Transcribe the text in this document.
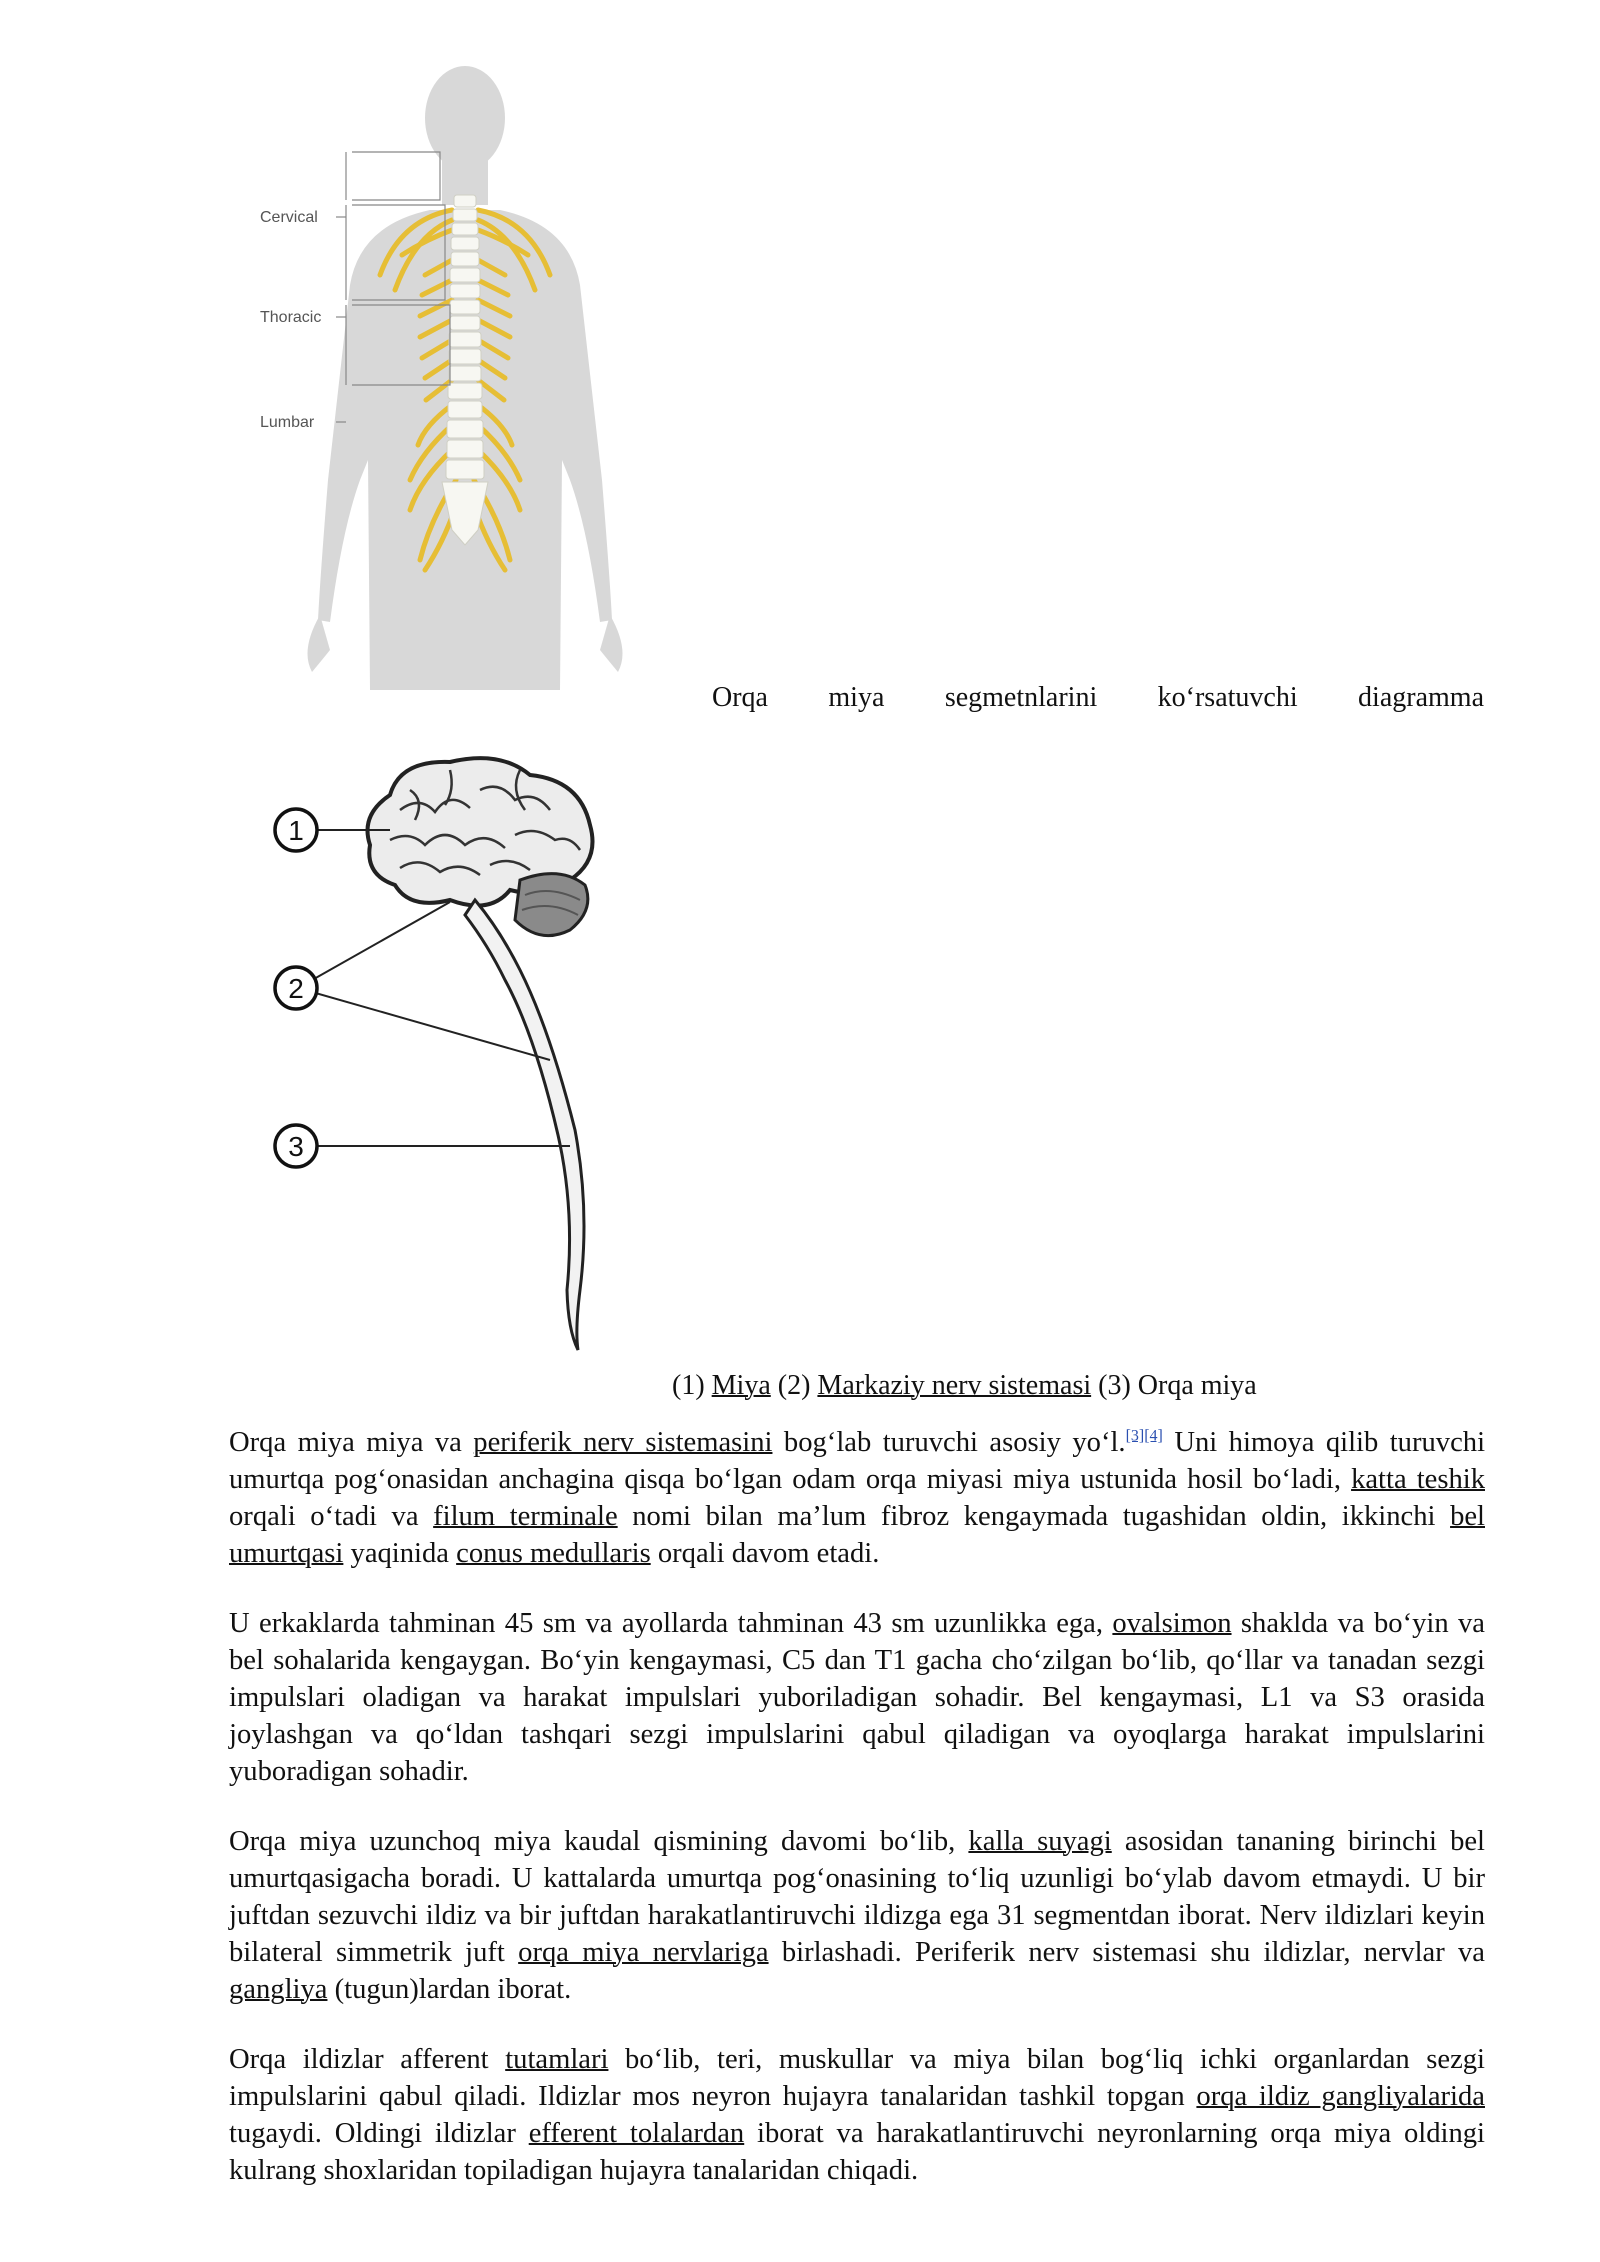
Cervical
Thoracic
Lumbar
Orqa miya segmetnlarini ko‘rsatuvchi diagramma
1
2
3
(1) Miya (2) Markaziy nerv sistemasi (3) Orqa miya

Orqa miya miya va periferik nerv sistemasini bog‘lab turuvchi asosiy yo‘l.[3][4] Uni himoya qilib turuvchi umurtqa pog‘onasidan anchagina qisqa bo‘lgan odam orqa miyasi miya ustunida hosil bo‘ladi, katta teshik orqali o‘tadi va filum terminale nomi bilan ma’lum fibroz kengaymada tugashidan oldin, ikkinchi bel umurtqasi yaqinida conus medullaris orqali davom etadi.

U erkaklarda tahminan 45 sm va ayollarda tahminan 43 sm uzunlikka ega, ovalsimon shaklda va bo‘yin va bel sohalarida kengaygan. Bo‘yin kengaymasi, C5 dan T1 gacha cho‘zilgan bo‘lib, qo‘llar va tanadan sezgi impulslari oladigan va harakat impulslari yuboriladigan sohadir. Bel kengaymasi, L1 va S3 orasida joylashgan va qo‘ldan tashqari sezgi impulslarini qabul qiladigan va oyoqlarga harakat impulslarini yuboradigan sohadir.

Orqa miya uzunchoq miya kaudal qismining davomi bo‘lib, kalla suyagi asosidan tananing birinchi bel umurtqasigacha boradi. U kattalarda umurtqa pog‘onasining to‘liq uzunligi bo‘ylab davom etmaydi. U bir juftdan sezuvchi ildiz va bir juftdan harakatlantiruvchi ildizga ega 31 segmentdan iborat. Nerv ildizlari keyin bilateral simmetrik juft orqa miya nervlariga birlashadi. Periferik nerv sistemasi shu ildizlar, nervlar va gangliya (tugun)lardan iborat.

Orqa ildizlar afferent tutamlari bo‘lib, teri, muskullar va miya bilan bog‘liq ichki organlardan sezgi impulslarini qabul qiladi. Ildizlar mos neyron hujayra tanalaridan tashkil topgan orqa ildiz gangliyalarida tugaydi. Oldingi ildizlar efferent tolalardan iborat va harakatlantiruvchi neyronlarning orqa miya oldingi kulrang shoxlaridan topiladigan hujayra tanalaridan chiqadi.
